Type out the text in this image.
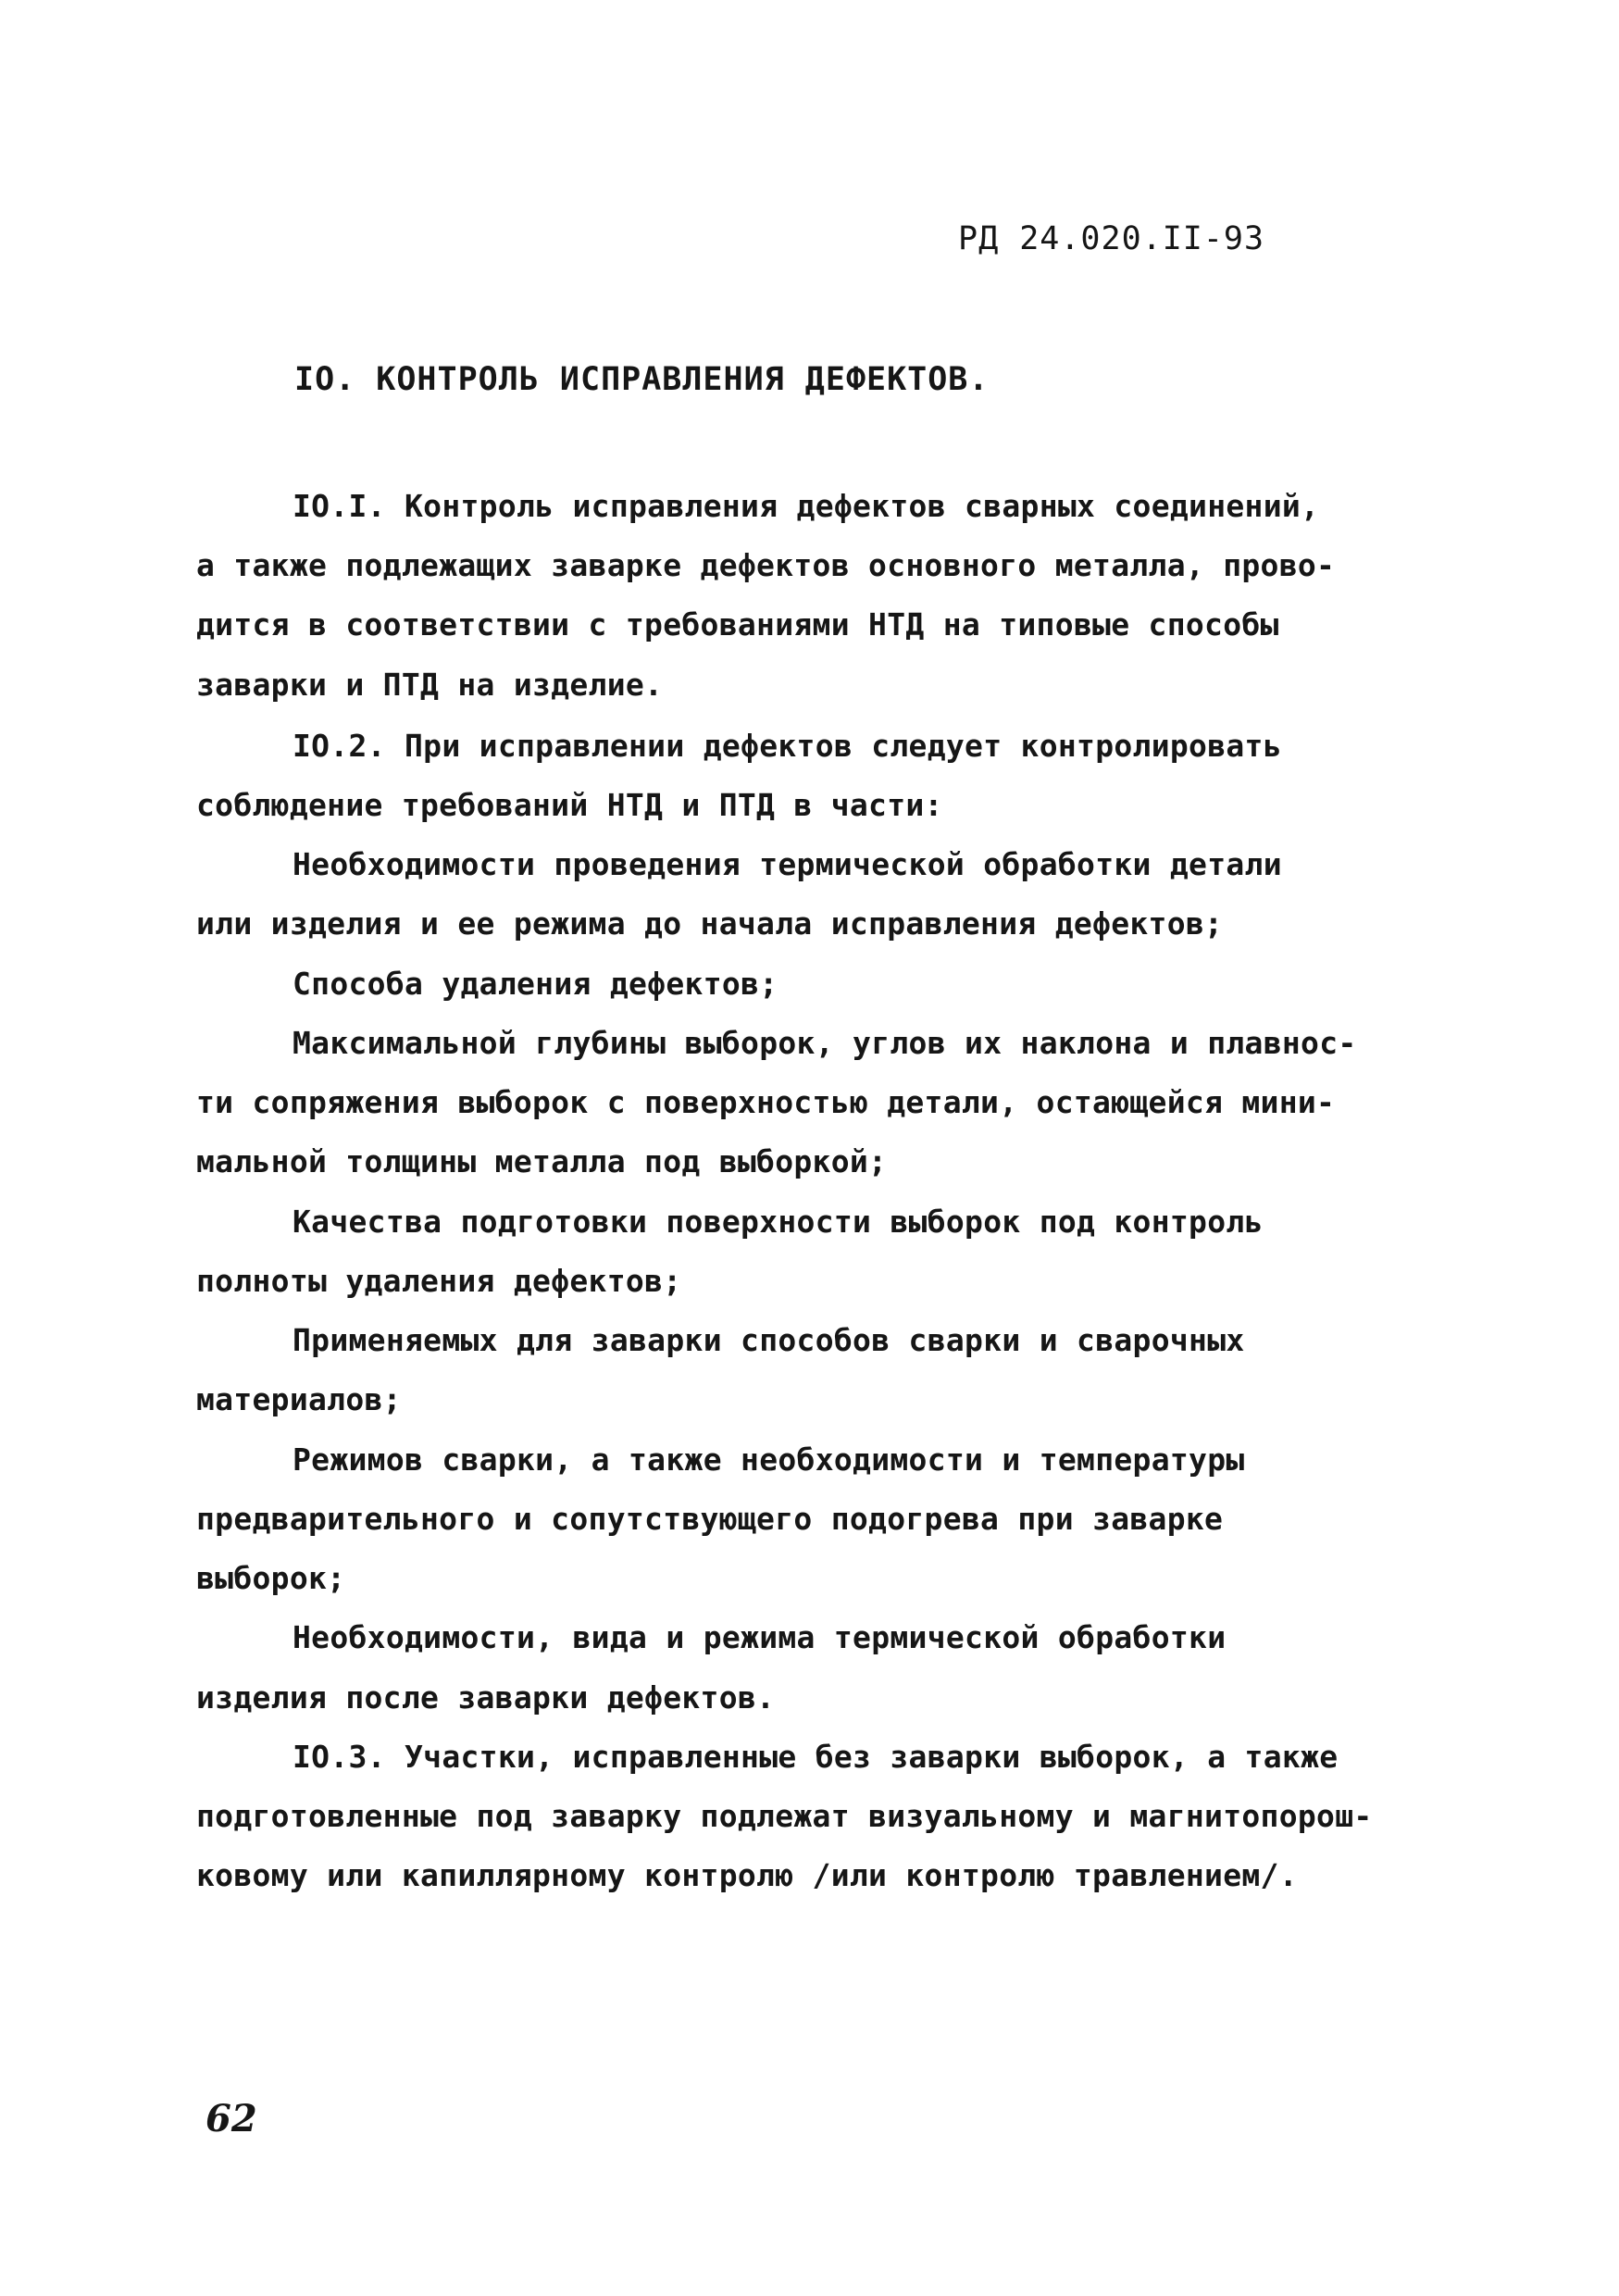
РД 24.020.II-93
IO. КОНТРОЛЬ ИСПРАВЛЕНИЯ ДЕФЕКТОВ.
IO.I. Контроль исправления дефектов сварных соединений,
а также подлежащих заварке дефектов основного металла, прово-
дится в соответствии с требованиями НТД на типовые способы
заварки и ПТД на изделие.
IO.2. При исправлении дефектов следует контролировать
соблюдение требований НТД и ПТД в части:
Необходимости проведения термической обработки детали
или изделия и ее режима до начала исправления дефектов;
Способа удаления дефектов;
Максимальной глубины выборок, углов их наклона и плавнос-
ти сопряжения выборок с поверхностью детали, остающейся мини-
мальной толщины металла под выборкой;
Качества подготовки поверхности выборок под контроль
полноты удаления дефектов;
Применяемых для заварки способов сварки и сварочных
материалов;
Режимов сварки, а также необходимости и температуры
предварительного и сопутствующего подогрева при заварке
выборок;
Необходимости, вида и режима термической обработки
изделия после заварки дефектов.
IO.3. Участки, исправленные без заварки выборок, а также
подготовленные под заварку подлежат визуальному и магнитопорош-
ковому или капиллярному контролю /или контролю травлением/.
62
